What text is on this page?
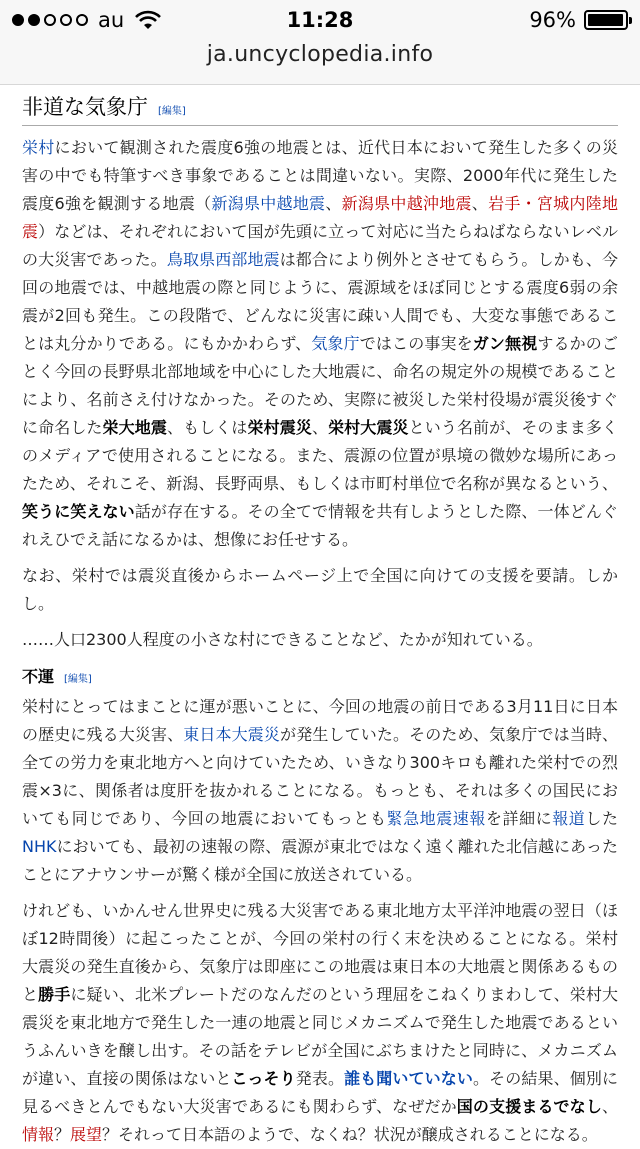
au	11:28	96%
ja.uncyclopedia.info
非道な気象庁 [編集]

栄村において観測された震度6強の地震とは、近代日本において発生した多くの災害の中でも特筆すべき事象であることは間違いない。実際、2000年代に発生した震度6強を観測する地震（新潟県中越地震、新潟県中越沖地震、岩手・宮城内陸地震）などは、それぞれにおいて国が先頭に立って対応に当たらねばならないレベルの大災害であった。鳥取県西部地震は都合により例外とさせてもらう。しかも、今回の地震では、中越地震の際と同じように、震源域をほぼ同じとする震度6弱の余震が2回も発生。この段階で、どんなに災害に疎い人間でも、大変な事態であることは丸分かりである。にもかかわらず、気象庁ではこの事実をガン無視するかのごとく今回の長野県北部地域を中心にした大地震に、命名の規定外の規模であることにより、名前さえ付けなかった。そのため、実際に被災した栄村役場が震災後すぐに命名した栄大地震、もしくは栄村震災、栄村大震災という名前が、そのまま多くのメディアで使用されることになる。また、震源の位置が県境の微妙な場所にあったため、それこそ、新潟、長野両県、もしくは市町村単位で名称が異なるという、笑うに笑えない話が存在する。その全てで情報を共有しようとした際、一体どんぐれえひでえ話になるかは、想像にお任せする。

なお、栄村では震災直後からホームページ上で全国に向けての支援を要請。しかし。

……人口2300人程度の小さな村にできることなど、たかが知れている。

不運 [編集]

栄村にとってはまことに運が悪いことに、今回の地震の前日である3月11日に日本の歴史に残る大災害、東日本大震災が発生していた。そのため、気象庁では当時、全ての労力を東北地方へと向けていたため、いきなり300キロも離れた栄村での烈震×3に、関係者は度肝を抜かれることになる。もっとも、それは多くの国民においても同じであり、今回の地震においてもっとも緊急地震速報を詳細に報道したNHKにおいても、最初の速報の際、震源が東北ではなく遠く離れた北信越にあったことにアナウンサーが驚く様が全国に放送されている。

けれども、いかんせん世界史に残る大災害である東北地方太平洋沖地震の翌日（ほぼ12時間後）に起こったことが、今回の栄村の行く末を決めることになる。栄村大震災の発生直後から、気象庁は即座にこの地震は東日本の大地震と関係あるものと勝手に疑い、北米プレートだのなんだのという理屈をこねくりまわして、栄村大震災を東北地方で発生した一連の地震と同じメカニズムで発生した地震であるというふんいきを醸し出す。その話をテレビが全国にぶちまけたと同時に、メカニズムが違い、直接の関係はないとこっそり発表。誰も聞いていない。その結果、個別に見るべきとんでもない大災害であるにも関わらず、なぜだか国の支援まるでなし、情報？展望？それって日本語のようで、なくね？状況が醸成されることになる。
